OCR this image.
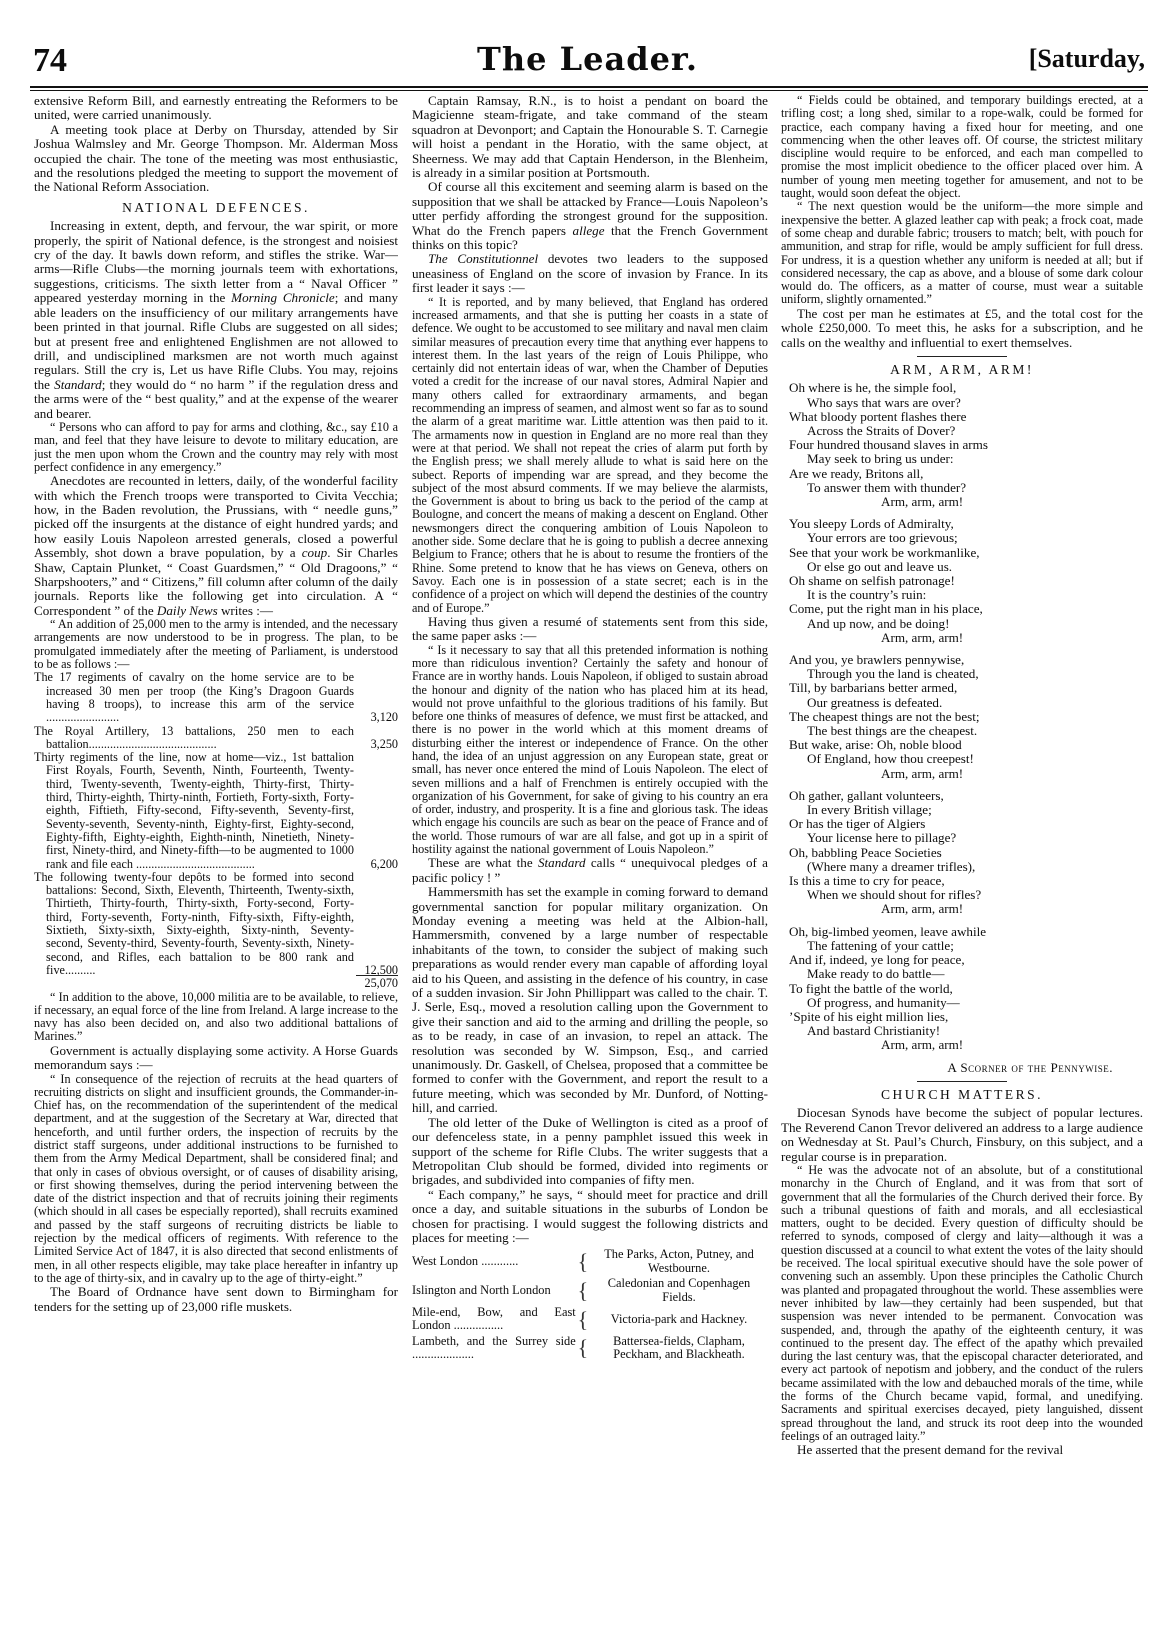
74	The Leader.	[Saturday,

extensive Reform Bill, and earnestly entreating the Reformers to be united, were carried unanimously.

A meeting took place at Derby on Thursday, attended by Sir Joshua Walmsley and Mr. George Thompson. Mr. Alderman Moss occupied the chair. The tone of the meeting was most enthusiastic, and the resolutions pledged the meeting to support the movement of the National Reform Association.

NATIONAL DEFENCES.

Increasing in extent, depth, and fervour, the war spirit, or more properly, the spirit of National defence, is the strongest and noisiest cry of the day. It bawls down reform, and stifles the strike. War—arms—Rifle Clubs—the morning journals teem with exhortations, suggestions, criticisms. The sixth letter from a “ Naval Officer ” appeared yesterday morning in the Morning Chronicle; and many able leaders on the insufficiency of our military arrangements have been printed in that journal. Rifle Clubs are suggested on all sides; but at present free and enlightened Englishmen are not allowed to drill, and undisciplined marksmen are not worth much against regulars. Still the cry is, Let us have Rifle Clubs. You may, rejoins the Standard; they would do “ no harm ” if the regulation dress and the arms were of the “ best quality,” and at the expense of the wearer and bearer.

“ Persons who can afford to pay for arms and clothing, &c., say £10 a man, and feel that they have leisure to devote to military education, are just the men upon whom the Crown and the country may rely with most perfect confidence in any emergency.”

Anecdotes are recounted in letters, daily, of the wonderful facility with which the French troops were transported to Civita Vecchia; how, in the Baden revolution, the Prussians, with “ needle guns,” picked off the insurgents at the distance of eight hundred yards; and how easily Louis Napoleon arrested generals, closed a powerful Assembly, shot down a brave population, by a coup. Sir Charles Shaw, Captain Plunket, “ Coast Guardsmen,” “ Old Dragoons,” “ Sharpshooters,” and “ Citizens,” fill column after column of the daily journals. Reports like the following get into circulation. A “ Correspondent ” of the Daily News writes :—

“ An addition of 25,000 men to the army is intended, and the necessary arrangements are now understood to be in progress. The plan, to be promulgated immediately after the meeting of Parliament, is understood to be as follows :—

The 17 regiments of cavalry on the home service are to be increased 30 men per troop (the King’s Dragoon Guards having 8 troops), to increase this arm of the service ........................	3,120
The Royal Artillery, 13 battalions, 250 men to each battalion..........................................	3,250
Thirty regiments of the line, now at home—viz., 1st battalion First Royals, Fourth, Seventh, Ninth, Fourteenth, Twenty-third, Twenty-seventh, Twenty-eighth, Thirty-first, Thirty-third, Thirty-eighth, Thirty-ninth, Fortieth, Forty-sixth, Forty-eighth, Fiftieth, Fifty-second, Fifty-seventh, Seventy-first, Seventy-seventh, Seventy-ninth, Eighty-first, Eighty-second, Eighty-fifth, Eighty-eighth, Eighth-ninth, Ninetieth, Ninety-first, Ninety-third, and Ninety-fifth—to be augmented to 1000 rank and file each .......................................	6,200
The following twenty-four depôts to be formed into second battalions: Second, Sixth, Eleventh, Thirteenth, Twenty-sixth, Thirtieth, Thirty-fourth, Thirty-sixth, Forty-second, Forty-third, Forty-seventh, Forty-ninth, Fifty-sixth, Fifty-eighth, Sixtieth, Sixty-sixth, Sixty-eighth, Sixty-ninth, Seventy-second, Seventy-third, Seventy-fourth, Seventy-sixth, Ninety-second, and Rifles, each battalion to be 800 rank and five..........	12,500
25,070

“ In addition to the above, 10,000 militia are to be available, to relieve, if necessary, an equal force of the line from Ireland. A large increase to the navy has also been decided on, and also two additional battalions of Marines.”

Government is actually displaying some activity. A Horse Guards memorandum says :—

“ In consequence of the rejection of recruits at the head quarters of recruiting districts on slight and insufficient grounds, the Commander-in-Chief has, on the recommendation of the superintendent of the medical department, and at the suggestion of the Secretary at War, directed that henceforth, and until further orders, the inspection of recruits by the district staff surgeons, under additional instructions to be furnished to them from the Army Medical Department, shall be considered final; and that only in cases of obvious oversight, or of causes of disability arising, or first showing themselves, during the period intervening between the date of the district inspection and that of recruits joining their regiments (which should in all cases be especially reported), shall recruits examined and passed by the staff surgeons of recruiting districts be liable to rejection by the medical officers of regiments. With reference to the Limited Service Act of 1847, it is also directed that second enlistments of men, in all other respects eligible, may take place hereafter in infantry up to the age of thirty-six, and in cavalry up to the age of thirty-eight.”

The Board of Ordnance have sent down to Birmingham for tenders for the setting up of 23,000 rifle muskets.

Captain Ramsay, R.N., is to hoist a pendant on board the Magicienne steam-frigate, and take command of the steam squadron at Devonport; and Captain the Honourable S. T. Carnegie will hoist a pendant in the Horatio, with the same object, at Sheerness. We may add that Captain Henderson, in the Blenheim, is already in a similar position at Portsmouth.

Of course all this excitement and seeming alarm is based on the supposition that we shall be attacked by France—Louis Napoleon’s utter perfidy affording the strongest ground for the supposition. What do the French papers allege that the French Government thinks on this topic?

The Constitutionnel devotes two leaders to the supposed uneasiness of England on the score of invasion by France. In its first leader it says :—

“ It is reported, and by many believed, that England has ordered increased armaments, and that she is putting her coasts in a state of defence. We ought to be accustomed to see military and naval men claim similar measures of precaution every time that anything ever happens to interest them. In the last years of the reign of Louis Philippe, who certainly did not entertain ideas of war, when the Chamber of Deputies voted a credit for the increase of our naval stores, Admiral Napier and many others called for extraordinary armaments, and began recommending an impress of seamen, and almost went so far as to sound the alarm of a great maritime war. Little attention was then paid to it. The armaments now in question in England are no more real than they were at that period. We shall not repeat the cries of alarm put forth by the English press; we shall merely allude to what is said here on the subect. Reports of impending war are spread, and they become the subject of the most absurd comments. If we may believe the alarmists, the Government is about to bring us back to the period of the camp at Boulogne, and concert the means of making a descent on England. Other newsmongers direct the conquering ambition of Louis Napoleon to another side. Some declare that he is going to publish a decree annexing Belgium to France; others that he is about to resume the frontiers of the Rhine. Some pretend to know that he has views on Geneva, others on Savoy. Each one is in possession of a state secret; each is in the confidence of a project on which will depend the destinies of the country and of Europe.”

Having thus given a resumé of statements sent from this side, the same paper asks :—

“ Is it necessary to say that all this pretended information is nothing more than ridiculous invention? Certainly the safety and honour of France are in worthy hands. Louis Napoleon, if obliged to sustain abroad the honour and dignity of the nation who has placed him at its head, would not prove unfaithful to the glorious traditions of his family. But before one thinks of measures of defence, we must first be attacked, and there is no power in the world which at this moment dreams of disturbing either the interest or independence of France. On the other hand, the idea of an unjust aggression on any European state, great or small, has never once entered the mind of Louis Napoleon. The elect of seven millions and a half of Frenchmen is entirely occupied with the organization of his Government, for sake of giving to his country an era of order, industry, and prosperity. It is a fine and glorious task. The ideas which engage his councils are such as bear on the peace of France and of the world. Those rumours of war are all false, and got up in a spirit of hostility against the national government of Louis Napoleon.”

These are what the Standard calls “ unequivocal pledges of a pacific policy ! ”

Hammersmith has set the example in coming forward to demand governmental sanction for popular military organization. On Monday evening a meeting was held at the Albion-hall, Hammersmith, convened by a large number of respectable inhabitants of the town, to consider the subject of making such preparations as would render every man capable of affording loyal aid to his Queen, and assisting in the defence of his country, in case of a sudden invasion. Sir John Phillippart was called to the chair. T. J. Serle, Esq., moved a resolution calling upon the Government to give their sanction and aid to the arming and drilling the people, so as to be ready, in case of an invasion, to repel an attack. The resolution was seconded by W. Simpson, Esq., and carried unanimously. Dr. Gaskell, of Chelsea, proposed that a committee be formed to confer with the Government, and report the result to a future meeting, which was seconded by Mr. Dunford, of Notting-hill, and carried.

The old letter of the Duke of Wellington is cited as a proof of our defenceless state, in a penny pamphlet issued this week in support of the scheme for Rifle Clubs. The writer suggests that a Metropolitan Club should be formed, divided into regiments or brigades, and subdivided into companies of fifty men.

“ Each company,” he says, “ should meet for practice and drill once a day, and suitable situations in the suburbs of London be chosen for practising. I would suggest the following districts and places for meeting :—

West London ............	{	The Parks, Acton, Putney, and Westbourne.
Islington and North London	{	Caledonian and Copenhagen Fields.
Mile-end, Bow, and East London ................	{	Victoria-park and Hackney.
Lambeth, and the Surrey side ....................	{	Battersea-fields, Clapham, Peckham, and Blackheath.

“ Fields could be obtained, and temporary buildings erected, at a trifling cost; a long shed, similar to a rope-walk, could be formed for practice, each company having a fixed hour for meeting, and one commencing when the other leaves off. Of course, the strictest military discipline would require to be enforced, and each man compelled to promise the most implicit obedience to the officer placed over him. A number of young men meeting together for amusement, and not to be taught, would soon defeat the object.

“ The next question would be the uniform—the more simple and inexpensive the better. A glazed leather cap with peak; a frock coat, made of some cheap and durable fabric; trousers to match; belt, with pouch for ammunition, and strap for rifle, would be amply sufficient for full dress. For undress, it is a question whether any uniform is needed at all; but if considered necessary, the cap as above, and a blouse of some dark colour would do. The officers, as a matter of course, must wear a suitable uniform, slightly ornamented.”

The cost per man he estimates at £5, and the total cost for the whole £250,000. To meet this, he asks for a subscription, and he calls on the wealthy and influential to exert themselves.

ARM, ARM, ARM!
Oh where is he, the simple fool,
Who says that wars are over?
What bloody portent flashes there
Across the Straits of Dover?
Four hundred thousand slaves in arms
May seek to bring us under:
Are we ready, Britons all,
To answer them with thunder?
Arm, arm, arm!
You sleepy Lords of Admiralty,
Your errors are too grievous;
See that your work be workmanlike,
Or else go out and leave us.
Oh shame on selfish patronage!
It is the country’s ruin:
Come, put the right man in his place,
And up now, and be doing!
Arm, arm, arm!
And you, ye brawlers pennywise,
Through you the land is cheated,
Till, by barbarians better armed,
Our greatness is defeated.
The cheapest things are not the best;
The best things are the cheapest.
But wake, arise: Oh, noble blood
Of England, how thou creepest!
Arm, arm, arm!
Oh gather, gallant volunteers,
In every British village;
Or has the tiger of Algiers
Your license here to pillage?
Oh, babbling Peace Societies
(Where many a dreamer trifles),
Is this a time to cry for peace,
When we should shout for rifles?
Arm, arm, arm!
Oh, big-limbed yeomen, leave awhile
The fattening of your cattle;
And if, indeed, ye long for peace,
Make ready to do battle—
To fight the battle of the world,
Of progress, and humanity—
’Spite of his eight million lies,
And bastard Christianity!
Arm, arm, arm!
A Scorner of the Pennywise.
CHURCH MATTERS.

Diocesan Synods have become the subject of popular lectures. The Reverend Canon Trevor delivered an address to a large audience on Wednesday at St. Paul’s Church, Finsbury, on this subject, and a regular course is in preparation.

“ He was the advocate not of an absolute, but of a constitutional monarchy in the Church of England, and it was from that sort of government that all the formularies of the Church derived their force. By such a tribunal questions of faith and morals, and all ecclesiastical matters, ought to be decided. Every question of difficulty should be referred to synods, composed of clergy and laity—although it was a question discussed at a council to what extent the votes of the laity should be received. The local spiritual executive should have the sole power of convening such an assembly. Upon these principles the Catholic Church was planted and propagated throughout the world. These assemblies were never inhibited by law—they certainly had been suspended, but that suspension was never intended to be permanent. Convocation was suspended, and, through the apathy of the eighteenth century, it was continued to the present day. The effect of the apathy which prevailed during the last century was, that the episcopal character deteriorated, and every act partook of nepotism and jobbery, and the conduct of the rulers became assimilated with the low and debauched morals of the time, while the forms of the Church became vapid, formal, and unedifying. Sacraments and spiritual exercises decayed, piety languished, dissent spread throughout the land, and struck its root deep into the wounded feelings of an outraged laity.”

He asserted that the present demand for the revival
